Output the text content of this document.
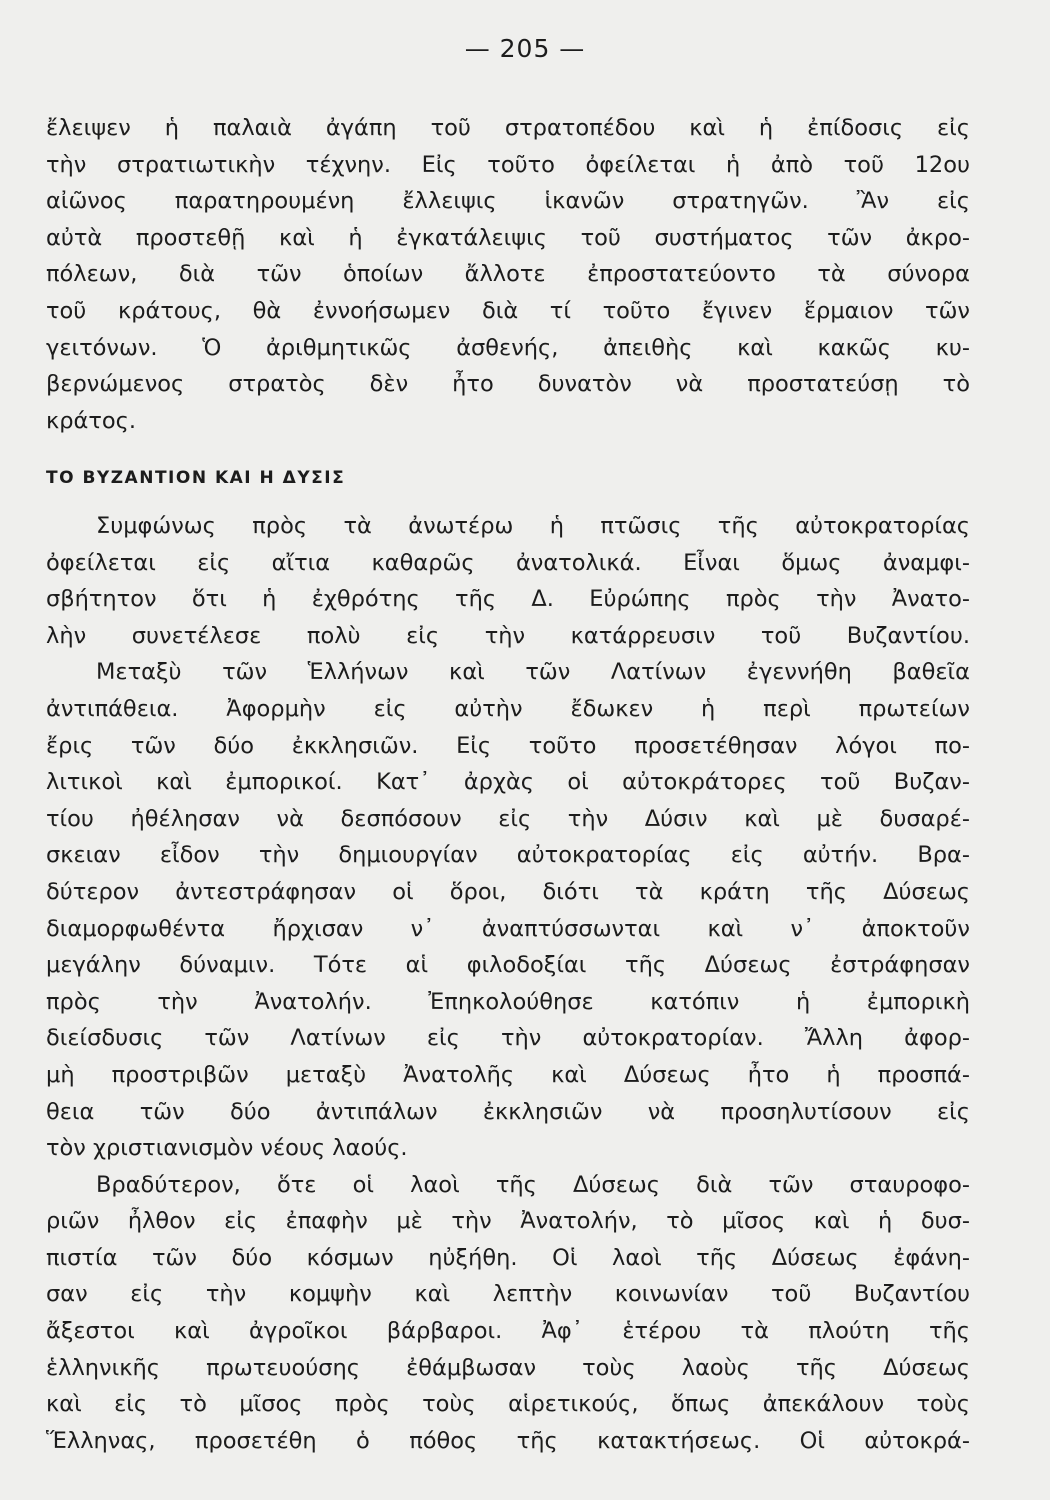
— 205 —
ἔλειψεν ἡ παλαιὰ ἀγάπη τοῦ στρατοπέδου καὶ ἡ ἐπίδοσις εἰς
τὴν στρατιωτικὴν τέχνην. Εἰς τοῦτο ὀφείλεται ἡ ἀπὸ τοῦ 12ου
αἰῶνος παρατηρουμένη ἔλλειψις ἱκανῶν στρατηγῶν. Ἂν εἰς
αὐτὰ προστεθῇ καὶ ἡ ἐγκατάλειψις τοῦ συστήματος τῶν ἀκρο-
πόλεων, διὰ τῶν ὁποίων ἄλλοτε ἐπροστατεύοντο τὰ σύνορα
τοῦ κράτους, θὰ ἐννοήσωμεν διὰ τί τοῦτο ἔγινεν ἕρμαιον τῶν
γειτόνων. Ὁ ἀριθμητικῶς ἀσθενής, ἀπειθὴς καὶ κακῶς κυ-
βερνώμενος στρατὸς δὲν ἦτο δυνατὸν νὰ προστατεύσῃ τὸ
κράτος.
ΤΟ ΒΥΖΑΝΤΙΟΝ ΚΑΙ Η ΔΥΣΙΣ
Συμφώνως πρὸς τὰ ἀνωτέρω ἡ πτῶσις τῆς αὐτοκρατορίας
ὀφείλεται εἰς αἴτια καθαρῶς ἀνατολικά. Εἶναι ὅμως ἀναμφι-
σβήτητον ὅτι ἡ ἐχθρότης τῆς Δ. Εὐρώπης πρὸς τὴν Ἀνατο-
λὴν συνετέλεσε πολὺ εἰς τὴν κατάρρευσιν τοῦ Βυζαντίου.
Μεταξὺ τῶν Ἑλλήνων καὶ τῶν Λατίνων ἐγεννήθη βαθεῖα
ἀντιπάθεια. Ἀφορμὴν εἰς αὐτὴν ἔδωκεν ἡ περὶ πρωτείων
ἔρις τῶν δύο ἐκκλησιῶν. Εἰς τοῦτο προσετέθησαν λόγοι πο-
λιτικοὶ καὶ ἐμπορικοί. Κατ᾽ ἀρχὰς οἱ αὐτοκράτορες τοῦ Βυζαν-
τίου ἠθέλησαν νὰ δεσπόσουν εἰς τὴν Δύσιν καὶ μὲ δυσαρέ-
σκειαν εἶδον τὴν δημιουργίαν αὐτοκρατορίας εἰς αὐτήν. Βρα-
δύτερον ἀντεστράφησαν οἱ ὅροι, διότι τὰ κράτη τῆς Δύσεως
διαμορφωθέντα ἤρχισαν ν᾽ ἀναπτύσσωνται καὶ ν᾽ ἀποκτοῦν
μεγάλην δύναμιν. Τότε αἱ φιλοδοξίαι τῆς Δύσεως ἐστράφησαν
πρὸς τὴν Ἀνατολήν. Ἐπηκολούθησε κατόπιν ἡ ἐμπορικὴ
διείσδυσις τῶν Λατίνων εἰς τὴν αὐτοκρατορίαν. Ἄλλη ἀφορ-
μὴ προστριβῶν μεταξὺ Ἀνατολῆς καὶ Δύσεως ἦτο ἡ προσπά-
θεια τῶν δύο ἀντιπάλων ἐκκλησιῶν νὰ προσηλυτίσουν εἰς
τὸν χριστιανισμὸν νέους λαούς.
Βραδύτερον, ὅτε οἱ λαοὶ τῆς Δύσεως διὰ τῶν σταυροφο-
ριῶν ἦλθον εἰς ἐπαφὴν μὲ τὴν Ἀνατολήν, τὸ μῖσος καὶ ἡ δυσ-
πιστία τῶν δύο κόσμων ηὐξήθη. Οἱ λαοὶ τῆς Δύσεως ἐφάνη-
σαν εἰς τὴν κομψὴν καὶ λεπτὴν κοινωνίαν τοῦ Βυζαντίου
ἄξεστοι καὶ ἀγροῖκοι βάρβαροι. Ἀφ᾽ ἑτέρου τὰ πλούτη τῆς
ἑλληνικῆς πρωτευούσης ἐθάμβωσαν τοὺς λαοὺς τῆς Δύσεως
καὶ εἰς τὸ μῖσος πρὸς τοὺς αἱρετικούς, ὅπως ἀπεκάλουν τοὺς
Ἕλληνας, προσετέθη ὁ πόθος τῆς κατακτήσεως. Οἱ αὐτοκρά-
